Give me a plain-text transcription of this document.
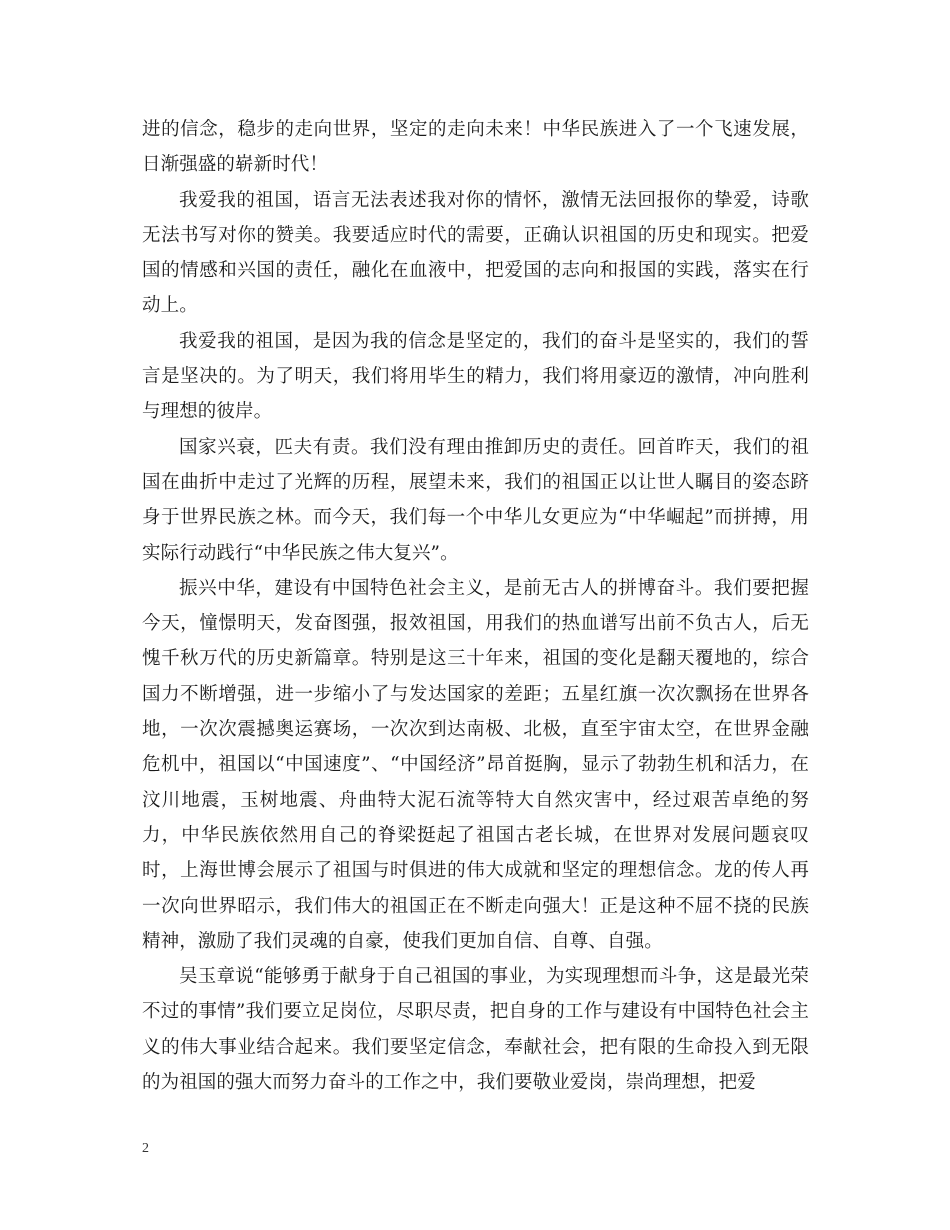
进的信念，稳步的走向世界，坚定的走向未来！中华民族进入了一个飞速发展，日渐强盛的崭新时代！

我爱我的祖国，语言无法表述我对你的情怀，激情无法回报你的挚爱，诗歌无法书写对你的赞美。我要适应时代的需要，正确认识祖国的历史和现实。把爱国的情感和兴国的责任，融化在血液中，把爱国的志向和报国的实践，落实在行动上。

我爱我的祖国，是因为我的信念是坚定的，我们的奋斗是坚实的，我们的誓言是坚决的。为了明天，我们将用毕生的精力，我们将用豪迈的激情，冲向胜利与理想的彼岸。

国家兴衰，匹夫有责。我们没有理由推卸历史的责任。回首昨天，我们的祖国在曲折中走过了光辉的历程，展望未来，我们的祖国正以让世人瞩目的姿态跻身于世界民族之林。而今天，我们每一个中华儿女更应为“中华崛起”而拼搏，用实际行动践行“中华民族之伟大复兴”。

振兴中华，建设有中国特色社会主义，是前无古人的拼博奋斗。我们要把握今天，憧憬明天，发奋图强，报效祖国，用我们的热血谱写出前不负古人，后无愧千秋万代的历史新篇章。特别是这三十年来，祖国的变化是翻天覆地的，综合国力不断增强，进一步缩小了与发达国家的差距；五星红旗一次次飘扬在世界各地，一次次震撼奥运赛场，一次次到达南极、北极，直至宇宙太空，在世界金融危机中，祖国以“中国速度”、“中国经济”昂首挺胸，显示了勃勃生机和活力，在汶川地震，玉树地震、舟曲特大泥石流等特大自然灾害中，经过艰苦卓绝的努力，中华民族依然用自己的脊梁挺起了祖国古老长城，在世界对发展问题哀叹时，上海世博会展示了祖国与时俱进的伟大成就和坚定的理想信念。龙的传人再一次向世界昭示，我们伟大的祖国正在不断走向强大！正是这种不屈不挠的民族精神，激励了我们灵魂的自豪，使我们更加自信、自尊、自强。

吴玉章说“能够勇于献身于自己祖国的事业，为实现理想而斗争，这是最光荣不过的事情”我们要立足岗位，尽职尽责，把自身的工作与建设有中国特色社会主义的伟大事业结合起来。我们要坚定信念，奉献社会，把有限的生命投入到无限的为祖国的强大而努力奋斗的工作之中，我们要敬业爱岗，崇尚理想，把爱

2
